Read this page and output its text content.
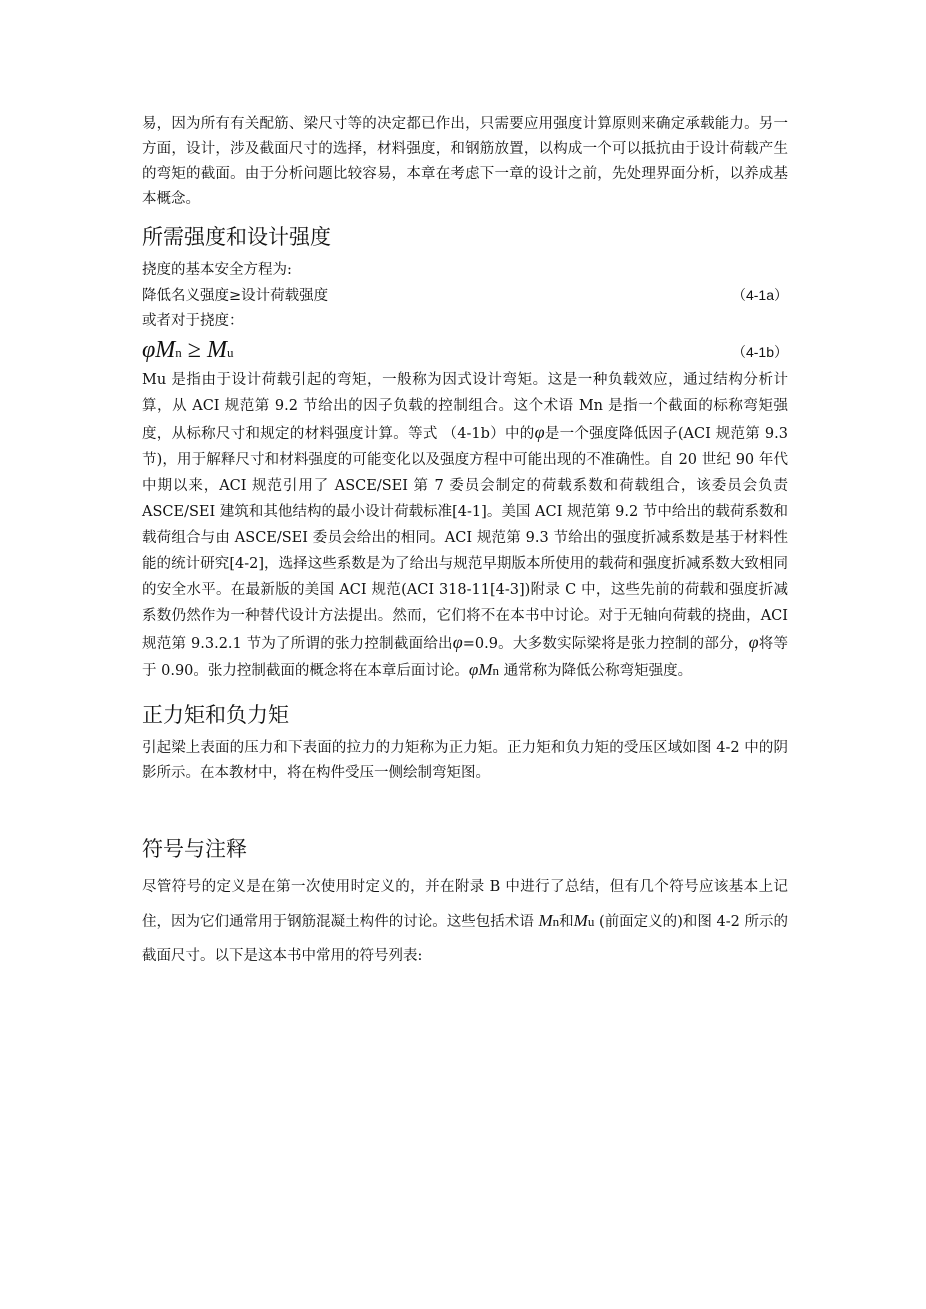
易，因为所有有关配筋、梁尺寸等的决定都已作出，只需要应用强度计算原则来确定承载能力。另一方面，设计，涉及截面尺寸的选择，材料强度，和钢筋放置，以构成一个可以抵抗由于设计荷载产生的弯矩的截面。由于分析问题比较容易，本章在考虑下一章的设计之前，先处理界面分析，以养成基本概念。

所需强度和设计强度

挠度的基本安全方程为:

降低名义强度≥设计荷载强度	（4-1a）

或者对于挠度：

φMn ≥ Mu	（4-1b）

Mu 是指由于设计荷载引起的弯矩，一般称为因式设计弯矩。这是一种负载效应，通过结构分析计算，从 ACI 规范第 9.2 节给出的因子负载的控制组合。这个术语 Mn 是指一个截面的标称弯矩强度，从标称尺寸和规定的材料强度计算。等式 （4-1b）中的φ是一个强度降低因子(ACI 规范第 9.3 节)，用于解释尺寸和材料强度的可能变化以及强度方程中可能出现的不准确性。自 20 世纪 90 年代中期以来，ACI 规范引用了 ASCE/SEI 第 7 委员会制定的荷载系数和荷载组合，该委员会负责 ASCE/SEI 建筑和其他结构的最小设计荷载标准[4-1]。美国 ACI 规范第 9.2 节中给出的载荷系数和载荷组合与由 ASCE/SEI 委员会给出的相同。ACI 规范第 9.3 节给出的强度折减系数是基于材料性能的统计研究[4-2]，选择这些系数是为了给出与规范早期版本所使用的载荷和强度折减系数大致相同的安全水平。在最新版的美国 ACI 规范(ACI 318-11[4-3])附录 C 中，这些先前的荷载和强度折减系数仍然作为一种替代设计方法提出。然而，它们将不在本书中讨论。对于无轴向荷载的挠曲，ACI 规范第 9.3.2.1 节为了所谓的张力控制截面给出φ=0.9。大多数实际梁将是张力控制的部分，φ将等于 0.90。张力控制截面的概念将在本章后面讨论。φMn 通常称为降低公称弯矩强度。

正力矩和负力矩

引起梁上表面的压力和下表面的拉力的力矩称为正力矩。正力矩和负力矩的受压区域如图 4-2 中的阴影所示。在本教材中，将在构件受压一侧绘制弯矩图。

符号与注释

尽管符号的定义是在第一次使用时定义的，并在附录 B 中进行了总结，但有几个符号应该基本上记住，因为它们通常用于钢筋混凝土构件的讨论。这些包括术语 Mn和Mu (前面定义的)和图 4-2 所示的截面尺寸。以下是这本书中常用的符号列表:
